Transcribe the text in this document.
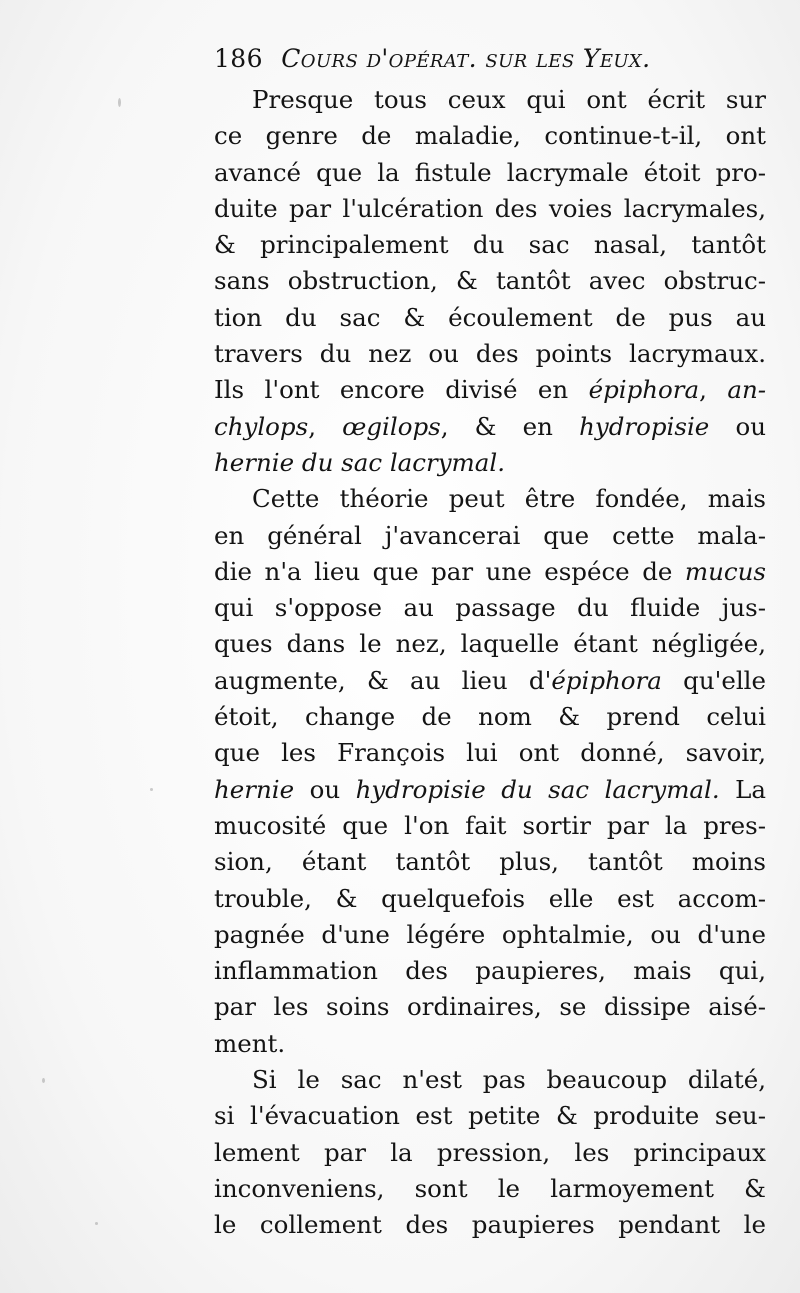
186 Cours d'opérat. sur les Yeux.
Presque tous ceux qui ont écrit sur
ce genre de maladie, continue-t-il, ont
avancé que la fistule lacrymale étoit pro-
duite par l'ulcération des voies lacrymales,
& principalement du sac nasal, tantôt
sans obstruction, & tantôt avec obstruc-
tion du sac & écoulement de pus au
travers du nez ou des points lacrymaux.
Ils l'ont encore divisé en épiphora, an-
chylops, œgilops, & en hydropisie ou
hernie du sac lacrymal.
Cette théorie peut être fondée, mais
en général j'avancerai que cette mala-
die n'a lieu que par une espéce de mucus
qui s'oppose au passage du fluide jus-
ques dans le nez, laquelle étant négligée,
augmente, & au lieu d'épiphora qu'elle
étoit, change de nom & prend celui
que les François lui ont donné, savoir,
hernie ou hydropisie du sac lacrymal. La
mucosité que l'on fait sortir par la pres-
sion, étant tantôt plus, tantôt moins
trouble, & quelquefois elle est accom-
pagnée d'une légére ophtalmie, ou d'une
inflammation des paupieres, mais qui,
par les soins ordinaires, se dissipe aisé-
ment.
Si le sac n'est pas beaucoup dilaté,
si l'évacuation est petite & produite seu-
lement par la pression, les principaux
inconveniens, sont le larmoyement &
le collement des paupieres pendant le
